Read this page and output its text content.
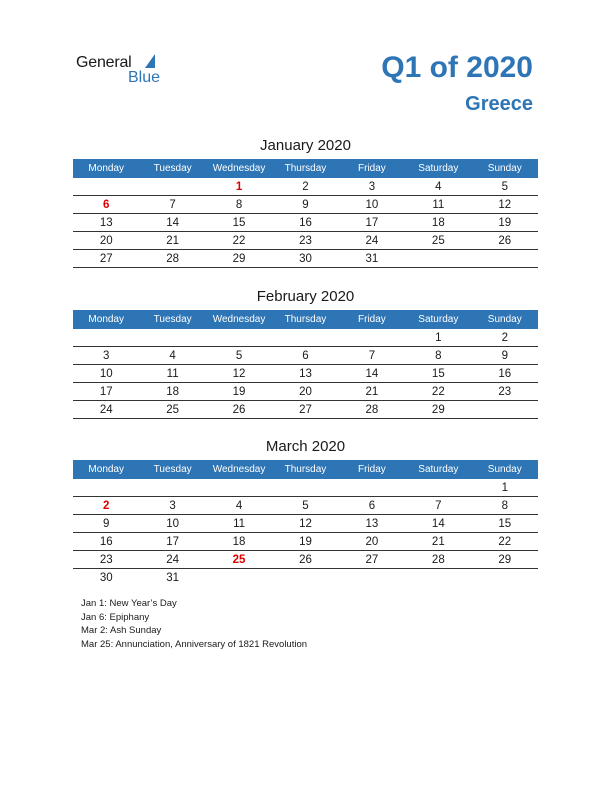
General
Blue	Q1 of 2020
Greece
January 2020
Monday	Tuesday	Wednesday	Thursday	Friday	Saturday	Sunday
		1	2	3	4	5
6	7	8	9	10	11	12
13	14	15	16	17	18	19
20	21	22	23	24	25	26
27	28	29	30	31		
February 2020
Monday	Tuesday	Wednesday	Thursday	Friday	Saturday	Sunday
					1	2
3	4	5	6	7	8	9
10	11	12	13	14	15	16
17	18	19	20	21	22	23
24	25	26	27	28	29	
March 2020
Monday	Tuesday	Wednesday	Thursday	Friday	Saturday	Sunday
						1
2	3	4	5	6	7	8
9	10	11	12	13	14	15
16	17	18	19	20	21	22
23	24	25	26	27	28	29
30	31					
Jan 1: New Year’s Day
Jan 6: Epiphany
Mar 2: Ash Sunday
Mar 25: Annunciation, Anniversary of 1821 Revolution
